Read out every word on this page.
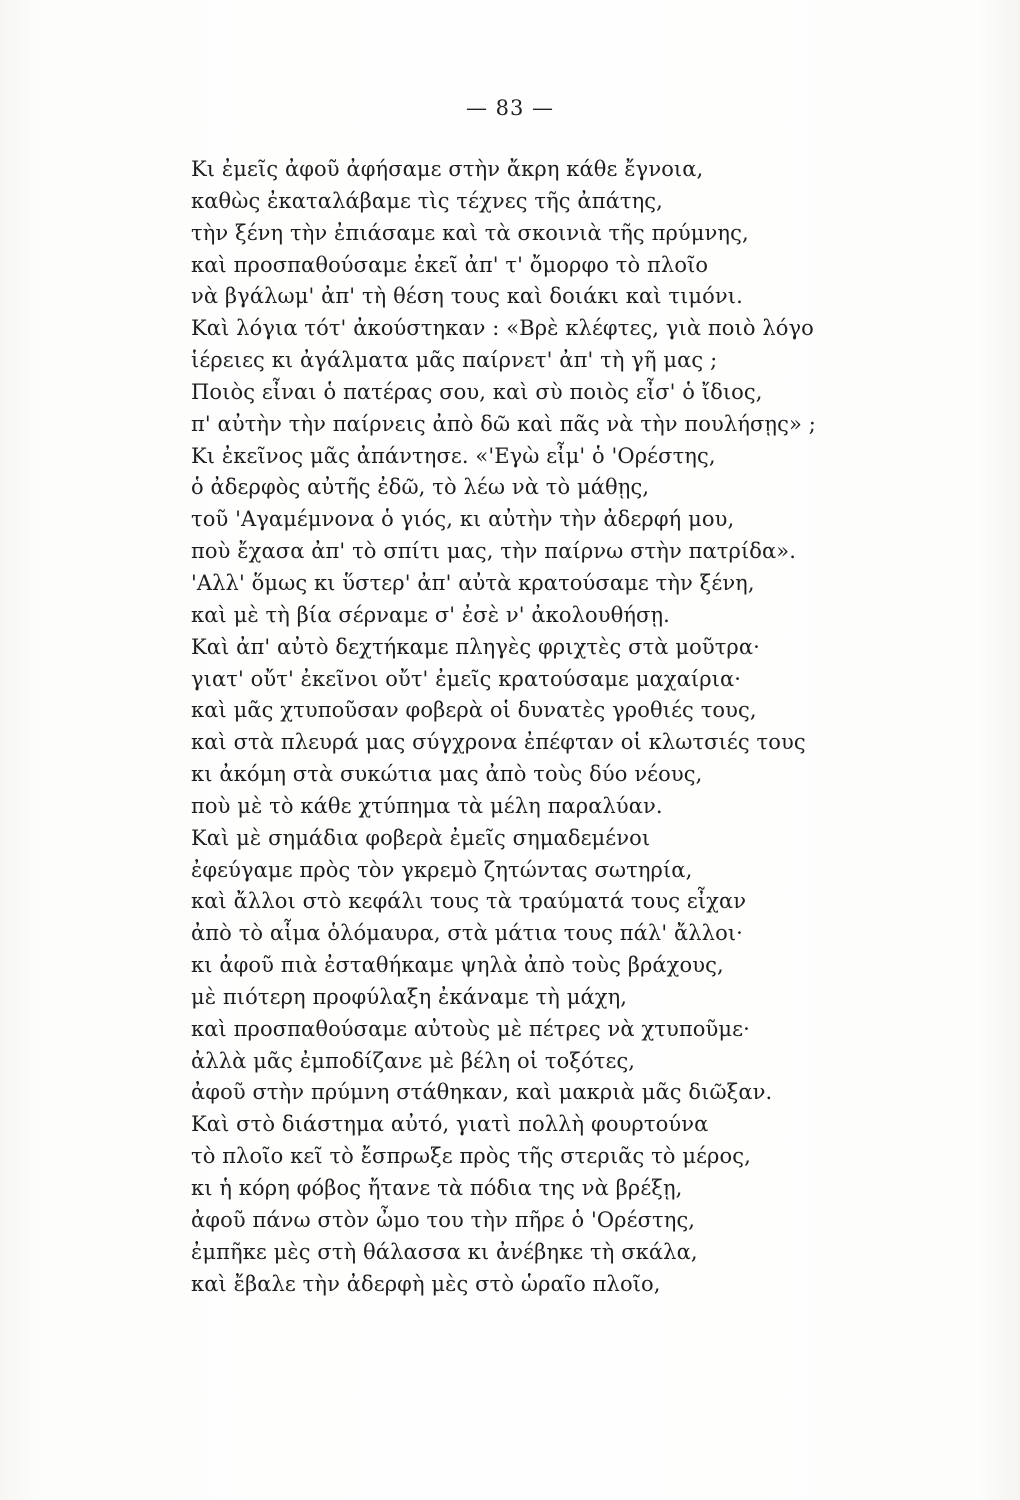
— 83 —
Κι ἐμεῖς ἀφοῦ ἀφήσαμε στὴν ἄκρη κάθε ἔγνοια,
καθὼς ἐκαταλάβαμε τὶς τέχνες τῆς ἀπάτης,
τὴν ξένη τὴν ἐπιάσαμε καὶ τὰ σκοινιὰ τῆς πρύμνης,
καὶ προσπαθούσαμε ἐκεῖ ἀπ' τ' ὄμορφο τὸ πλοῖο
νὰ βγάλωμ' ἀπ' τὴ θέση τους καὶ δοιάκι καὶ τιμόνι.
Καὶ λόγια τότ' ἀκούστηκαν : «Βρὲ κλέφτες, γιὰ ποιὸ λόγο
ἱέρειες κι ἀγάλματα μᾶς παίρνετ' ἀπ' τὴ γῆ μας ;
Ποιὸς εἶναι ὁ πατέρας σου, καὶ σὺ ποιὸς εἶσ' ὁ ἴδιος,
π' αὐτὴν τὴν παίρνεις ἀπὸ δῶ καὶ πᾶς νὰ τὴν πουλήσῃς» ;
Κι ἐκεῖνος μᾶς ἀπάντησε. «'Εγὼ εἶμ' ὁ 'Ορέστης,
ὁ ἀδερφὸς αὐτῆς ἐδῶ, τὸ λέω νὰ τὸ μάθῃς,
τοῦ 'Αγαμέμνονα ὁ γιός, κι αὐτὴν τὴν ἀδερφή μου,
ποὺ ἔχασα ἀπ' τὸ σπίτι μας, τὴν παίρνω στὴν πατρίδα».
'Αλλ' ὅμως κι ὕστερ' ἀπ' αὐτὰ κρατούσαμε τὴν ξένη,
καὶ μὲ τὴ βία σέρναμε σ' ἐσὲ ν' ἀκολουθήσῃ.
Καὶ ἀπ' αὐτὸ δεχτήκαμε πληγὲς φριχτὲς στὰ μοῦτρα·
γιατ' οὔτ' ἐκεῖνοι οὔτ' ἐμεῖς κρατούσαμε μαχαίρια·
καὶ μᾶς χτυποῦσαν φοβερὰ οἱ δυνατὲς γροθιές τους,
καὶ στὰ πλευρά μας σύγχρονα ἐπέφταν οἱ κλωτσιές τους
κι ἀκόμη στὰ συκώτια μας ἀπὸ τοὺς δύο νέους,
ποὺ μὲ τὸ κάθε χτύπημα τὰ μέλη παραλύαν.
Καὶ μὲ σημάδια φοβερὰ ἐμεῖς σημαδεμένοι
ἐφεύγαμε πρὸς τὸν γκρεμὸ ζητώντας σωτηρία,
καὶ ἄλλοι στὸ κεφάλι τους τὰ τραύματά τους εἶχαν
ἀπὸ τὸ αἷμα ὁλόμαυρα, στὰ μάτια τους πάλ' ἄλλοι·
κι ἀφοῦ πιὰ ἐσταθήκαμε ψηλὰ ἀπὸ τοὺς βράχους,
μὲ πιότερη προφύλαξη ἐκάναμε τὴ μάχη,
καὶ προσπαθούσαμε αὐτοὺς μὲ πέτρες νὰ χτυποῦμε·
ἀλλὰ μᾶς ἐμποδίζανε μὲ βέλη οἱ τοξότες,
ἀφοῦ στὴν πρύμνη στάθηκαν, καὶ μακριὰ μᾶς διῶξαν.
Καὶ στὸ διάστημα αὐτό, γιατὶ πολλὴ φουρτούνα
τὸ πλοῖο κεῖ τὸ ἔσπρωξε πρὸς τῆς στεριᾶς τὸ μέρος,
κι ἡ κόρη φόβος ἤτανε τὰ πόδια της νὰ βρέξῃ,
ἀφοῦ πάνω στὸν ὦμο του τὴν πῆρε ὁ 'Ορέστης,
ἐμπῆκε μὲς στὴ θάλασσα κι ἀνέβηκε τὴ σκάλα,
καὶ ἔβαλε τὴν ἀδερφὴ μὲς στὸ ὡραῖο πλοῖο,
